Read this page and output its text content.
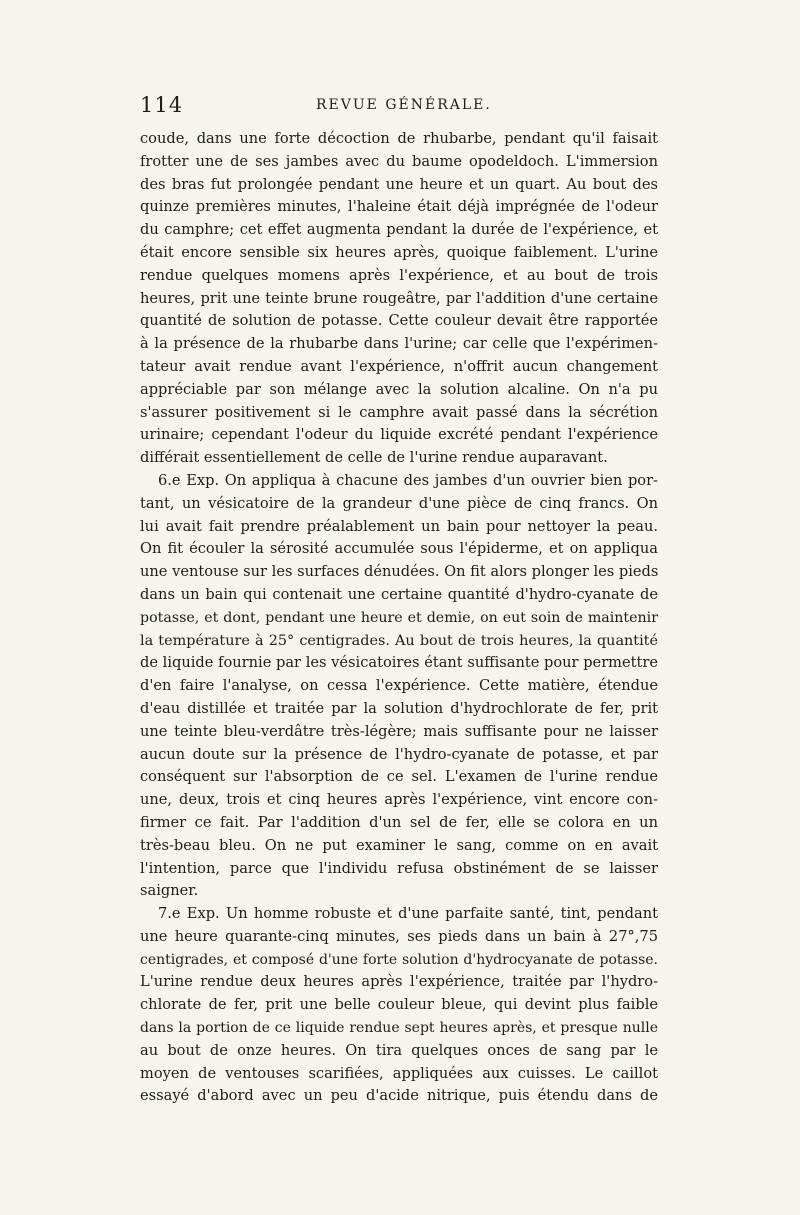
114	REVUE GÉNÉRALE.
coude, dans une forte décoction de rhubarbe, pendant qu'il faisait
frotter une de ses jambes avec du baume opodeldoch. L'immersion
des bras fut prolongée pendant une heure et un quart. Au bout des
quinze premières minutes, l'haleine était déjà imprégnée de l'odeur
du camphre; cet effet augmenta pendant la durée de l'expérience, et
était encore sensible six heures après, quoique faiblement. L'urine
rendue quelques momens après l'expérience, et au bout de trois
heures, prit une teinte brune rougeâtre, par l'addition d'une certaine
quantité de solution de potasse. Cette couleur devait être rapportée
à la présence de la rhubarbe dans l'urine; car celle que l'expérimen-
tateur avait rendue avant l'expérience, n'offrit aucun changement
appréciable par son mélange avec la solution alcaline. On n'a pu
s'assurer positivement si le camphre avait passé dans la sécrétion
urinaire; cependant l'odeur du liquide excrété pendant l'expérience
différait essentiellement de celle de l'urine rendue auparavant.
6.e Exp. On appliqua à chacune des jambes d'un ouvrier bien por-
tant, un vésicatoire de la grandeur d'une pièce de cinq francs. On
lui avait fait prendre préalablement un bain pour nettoyer la peau.
On fit écouler la sérosité accumulée sous l'épiderme, et on appliqua
une ventouse sur les surfaces dénudées. On fit alors plonger les pieds
dans un bain qui contenait une certaine quantité d'hydro-cyanate de
potasse, et dont, pendant une heure et demie, on eut soin de maintenir
la température à 25° centigrades. Au bout de trois heures, la quantité
de liquide fournie par les vésicatoires étant suffisante pour permettre
d'en faire l'analyse, on cessa l'expérience. Cette matière, étendue
d'eau distillée et traitée par la solution d'hydrochlorate de fer, prit
une teinte bleu-verdâtre très-légère; mais suffisante pour ne laisser
aucun doute sur la présence de l'hydro-cyanate de potasse, et par
conséquent sur l'absorption de ce sel. L'examen de l'urine rendue
une, deux, trois et cinq heures après l'expérience, vint encore con-
firmer ce fait. Par l'addition d'un sel de fer, elle se colora en un
très-beau bleu. On ne put examiner le sang, comme on en avait
l'intention, parce que l'individu refusa obstinément de se laisser
saigner.
7.e Exp. Un homme robuste et d'une parfaite santé, tint, pendant
une heure quarante-cinq minutes, ses pieds dans un bain à 27°,75
centigrades, et composé d'une forte solution d'hydrocyanate de potasse.
L'urine rendue deux heures après l'expérience, traitée par l'hydro-
chlorate de fer, prit une belle couleur bleue, qui devint plus faible
dans la portion de ce liquide rendue sept heures après, et presque nulle
au bout de onze heures. On tira quelques onces de sang par le
moyen de ventouses scarifiées, appliquées aux cuisses. Le caillot
essayé d'abord avec un peu d'acide nitrique, puis étendu dans de
